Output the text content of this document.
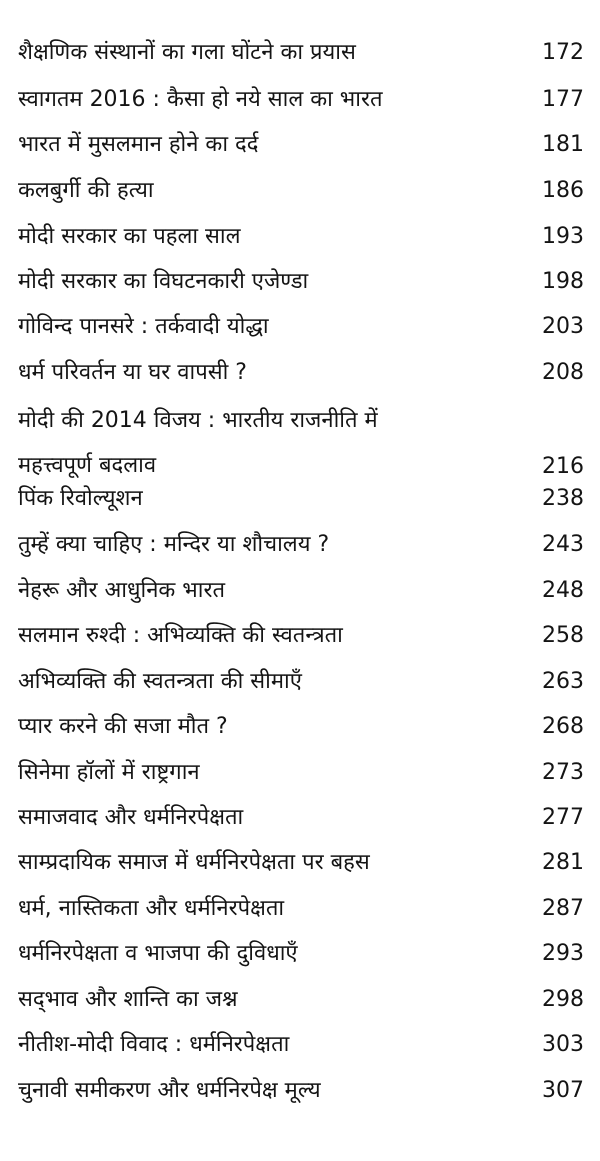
शैक्षणिक संस्थानों का गला घोंटने का प्रयास	172
स्वागतम 2016 : कैसा हो नये साल का भारत	177
भारत में मुसलमान होने का दर्द	181
कलबुर्गी की हत्या	186
मोदी सरकार का पहला साल	193
मोदी सरकार का विघटनकारी एजेण्डा	198
गोविन्द पानसरे : तर्कवादी योद्धा	203
धर्म परिवर्तन या घर वापसी ?	208
मोदी की 2014 विजय : भारतीय राजनीति में महत्त्वपूर्ण बदलाव	216
पिंक रिवोल्यूशन	238
तुम्हें क्या चाहिए : मन्दिर या शौचालय ?	243
नेहरू और आधुनिक भारत	248
सलमान रुश्दी : अभिव्यक्ति की स्वतन्त्रता	258
अभिव्यक्ति की स्वतन्त्रता की सीमाएँ	263
प्यार करने की सजा मौत ?	268
सिनेमा हॉलों में राष्ट्रगान	273
समाजवाद और धर्मनिरपेक्षता	277
साम्प्रदायिक समाज में धर्मनिरपेक्षता पर बहस	281
धर्म, नास्तिकता और धर्मनिरपेक्षता	287
धर्मनिरपेक्षता व भाजपा की दुविधाएँ	293
सद्‌भाव और शान्ति का जश्न	298
नीतीश-मोदी विवाद : धर्मनिरपेक्षता	303
चुनावी समीकरण और धर्मनिरपेक्ष मूल्य	307
